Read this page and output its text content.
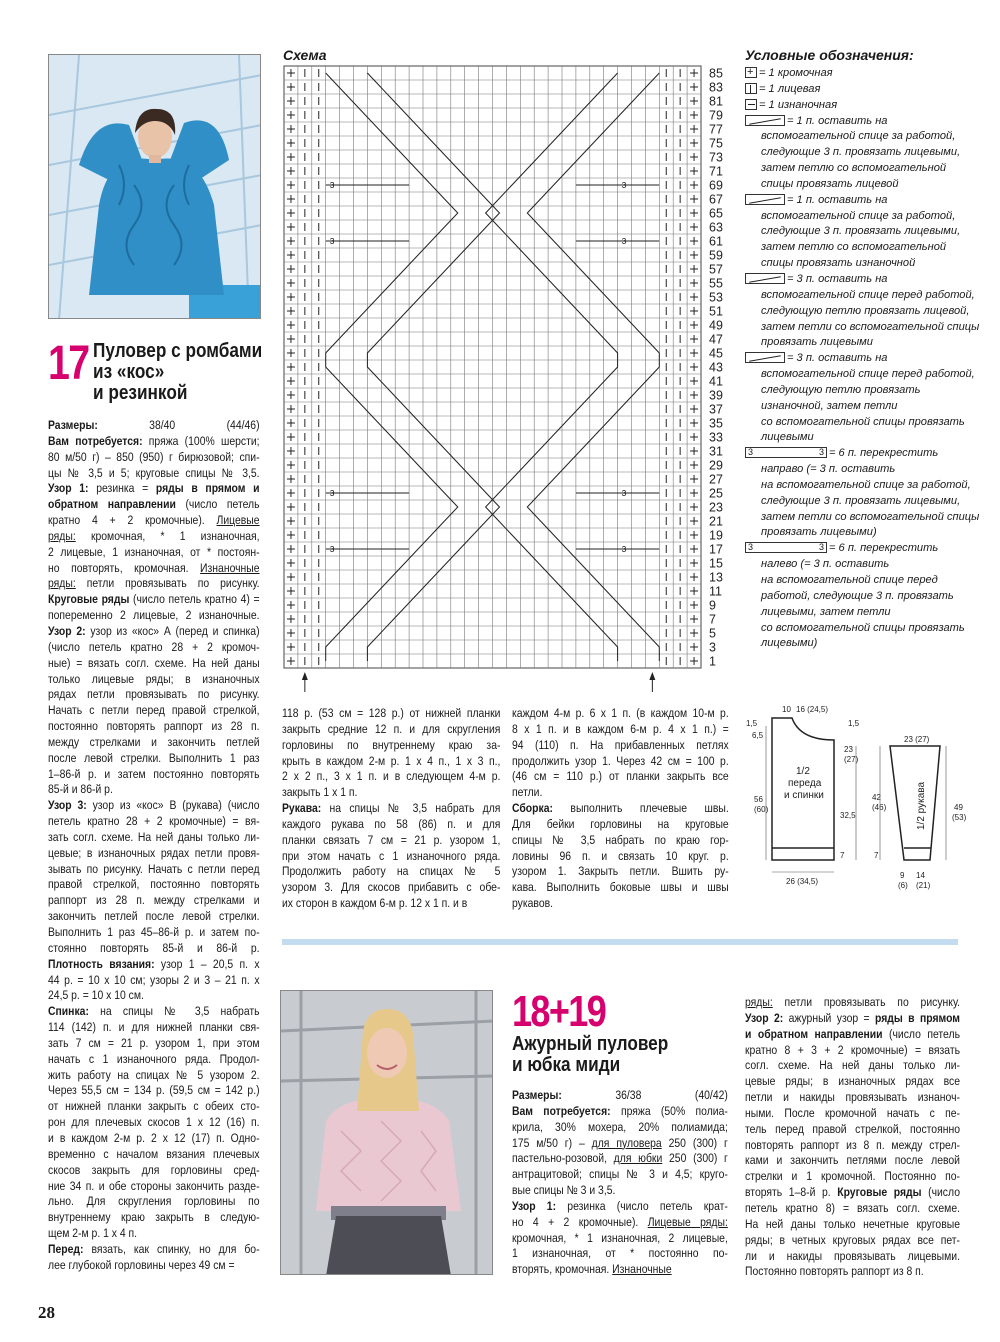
17 Пуловер с ромбами
из «кос»
и резинкой

Размеры: 38/40 (44/46)

Вам потребуется: пряжа (100% шерсти;

80 м/50 г) – 850 (950) г бирюзовой; спи-

цы № 3,5 и 5; круговые спицы № 3,5.

Узор 1: резинка = ряды в прямом и

обратном направлении (число петель

кратно 4 + 2 кромочные). Лицевые

ряды: кромочная, * 1 изнаночная,

2 лицевые, 1 изнаночная, от * постоян-

но повторять, кромочная. Изнаночные

ряды: петли провязывать по рисунку.

Круговые ряды (число петель кратно 4) =

попеременно 2 лицевые, 2 изнаночные.

Узор 2: узор из «кос» А (перед и спинка)

(число петель кратно 28 + 2 кромоч-

ные) = вязать согл. схеме. На ней даны

только лицевые ряды; в изнаночных

рядах петли провязывать по рисунку.

Начать с петли перед правой стрелкой,

постоянно повторять раппорт из 28 п.

между стрелками и закончить петлей

после левой стрелки. Выполнить 1 раз

1–86-й р. и затем постоянно повторять

85-й и 86-й р.

Узор 3: узор из «кос» В (рукава) (число

петель кратно 28 + 2 кромочные) = вя-

зать согл. схеме. На ней даны только ли-

цевые; в изнаночных рядах петли провя-

зывать по рисунку. Начать с петли перед

правой стрелкой, постоянно повторять

раппорт из 28 п. между стрелками и

закончить петлей после левой стрелки.

Выполнить 1 раз 45–86-й р. и затем по-

стоянно повторять 85-й и 86-й р.

Плотность вязания: узор 1 – 20,5 п. х

44 р. = 10 х 10 см; узоры 2 и 3 – 21 п. х

24,5 р. = 10 х 10 см.

Спинка: на спицы № 3,5 набрать

114 (142) п. и для нижней планки свя-

зать 7 см = 21 р. узором 1, при этом

начать с 1 изнаночного ряда. Продол-

жить работу на спицах № 5 узором 2.

Через 55,5 см = 134 р. (59,5 см = 142 р.)

от нижней планки закрыть с обеих сто-

рон для плечевых скосов 1 х 12 (16) п.

и в каждом 2-м р. 2 х 12 (17) п. Одно-

временно с началом вязания плечевых

скосов закрыть для горловины сред-

ние 34 п. и обе стороны закончить разде-

льно. Для скругления горловины по

внутреннему краю закрыть в следую-

щем 2-м р. 1 х 4 п.

Перед: вязать, как спинку, но для бо-

лее глубокой горловины через 49 см =

118 р. (53 см = 128 р.) от нижней планки

закрыть средние 12 п. и для скругления

горловины по внутреннему краю за-

крыть в каждом 2-м р. 1 х 4 п., 1 х 3 п.,

2 х 2 п., 3 х 1 п. и в следующем 4-м р.

закрыть 1 х 1 п.

Рукава: на спицы № 3,5 набрать для

каждого рукава по 58 (86) п. и для

планки связать 7 см = 21 р. узором 1,

при этом начать с 1 изнаночного ряда.

Продолжить работу на спицах № 5

узором 3. Для скосов прибавить с обе-

их сторон в каждом 6-м р. 12 х 1 п. и в

каждом 4-м р. 6 х 1 п. (в каждом 10-м р.

8 х 1 п. и в каждом 6-м р. 4 х 1 п.) =

94 (110) п. На прибавленных петлях

продолжить узор 1. Через 42 см = 100 р.

(46 см = 110 р.) от планки закрыть все

петли.

Сборка: выполнить плечевые швы.

Для бейки горловины на круговые

спицы № 3,5 набрать по краю гор-

ловины 96 п. и связать 10 круг. р.

узором 1. Закрыть петли. Вшить ру-

кава. Выполнить боковые швы и швы

рукавов.

Схема
3	3
3	3
3	3
3	3
85
83
81
79
77
75
73
71
69
67
65
63
61
59
57
55
53
51
49
47
45
43
41
39
37
35
33
31
29
27
25
23
21
19
17
15
13
11
9
7
5
3
1
Условные обозначения:
+ = 1 кромочная
= 1 лицевая
= 1 изнаночная
= 1 п. оставить на
вспомогательной спице за работой,
следующие 3 п. провязать лицевыми,
затем петлю со вспомогательной
спицы провязать лицевой
= 1 п. оставить на
вспомогательной спице за работой,
следующие 3 п. провязать лицевыми,
затем петлю со вспомогательной
спицы провязать изнаночной
= 3 п. оставить на
вспомогательной спице перед работой,
следующую петлю провязать лицевой,
затем петли со вспомогательной спицы
провязать лицевыми
= 3 п. оставить на
вспомогательной спице перед работой,
следующую петлю провязать
изнаночной, затем петли
со вспомогательной спицы провязать
лицевыми
3	3 = 6 п. перекрестить
направо (= 3 п. оставить
на вспомогательной спице за работой,
следующие 3 п. провязать лицевыми,
затем петли со вспомогательной спицы
провязать лицевыми)
3	3 = 6 п. перекрестить
налево (= 3 п. оставить
на вспомогательной спице перед
работой, следующие 3 п. провязать
лицевыми, затем петли
со вспомогательной спицы провязать
лицевыми)
10 16 (24,5)
1,5
6,5
1,5
23
(27)
1/2
переда
и спинки
56
(60)
32,5
7
26 (34,5)
23 (27)
42
(46)	1/2 рукава	49
(53)
7
9
(6)
14
(21)
18+19
Ажурный пуловер
и юбка миди

Размеры: 36/38 (40/42)

Вам потребуется: пряжа (50% полиа-

крила, 30% мохера, 20% полиамида;

175 м/50 г) – для пуловера 250 (300) г

пастельно-розовой, для юбки 250 (300) г

антрацитовой; спицы № 3 и 4,5; круго-

вые спицы № 3 и 3,5.

Узор 1: резинка (число петель крат-

но 4 + 2 кромочные). Лицевые ряды:

кромочная, * 1 изнаночная, 2 лицевые,

1 изнаночная, от * постоянно по-

вторять, кромочная. Изнаночные

ряды: петли провязывать по рисунку.

Узор 2: ажурный узор = ряды в прямом

и обратном направлении (число петель

кратно 8 + 3 + 2 кромочные) = вязать

согл. схеме. На ней даны только ли-

цевые ряды; в изнаночных рядах все

петли и накиды провязывать изнаноч-

ными. После кромочной начать с пе-

тель перед правой стрелкой, постоянно

повторять раппорт из 8 п. между стрел-

ками и закончить петлями после левой

стрелки и 1 кромочной. Постоянно по-

вторять 1–8-й р. Круговые ряды (число

петель кратно 8) = вязать согл. схеме.

На ней даны только нечетные круговые

ряды; в четных круговых рядах все пет-

ли и накиды провязывать лицевыми.

Постоянно повторять раппорт из 8 п.

28
